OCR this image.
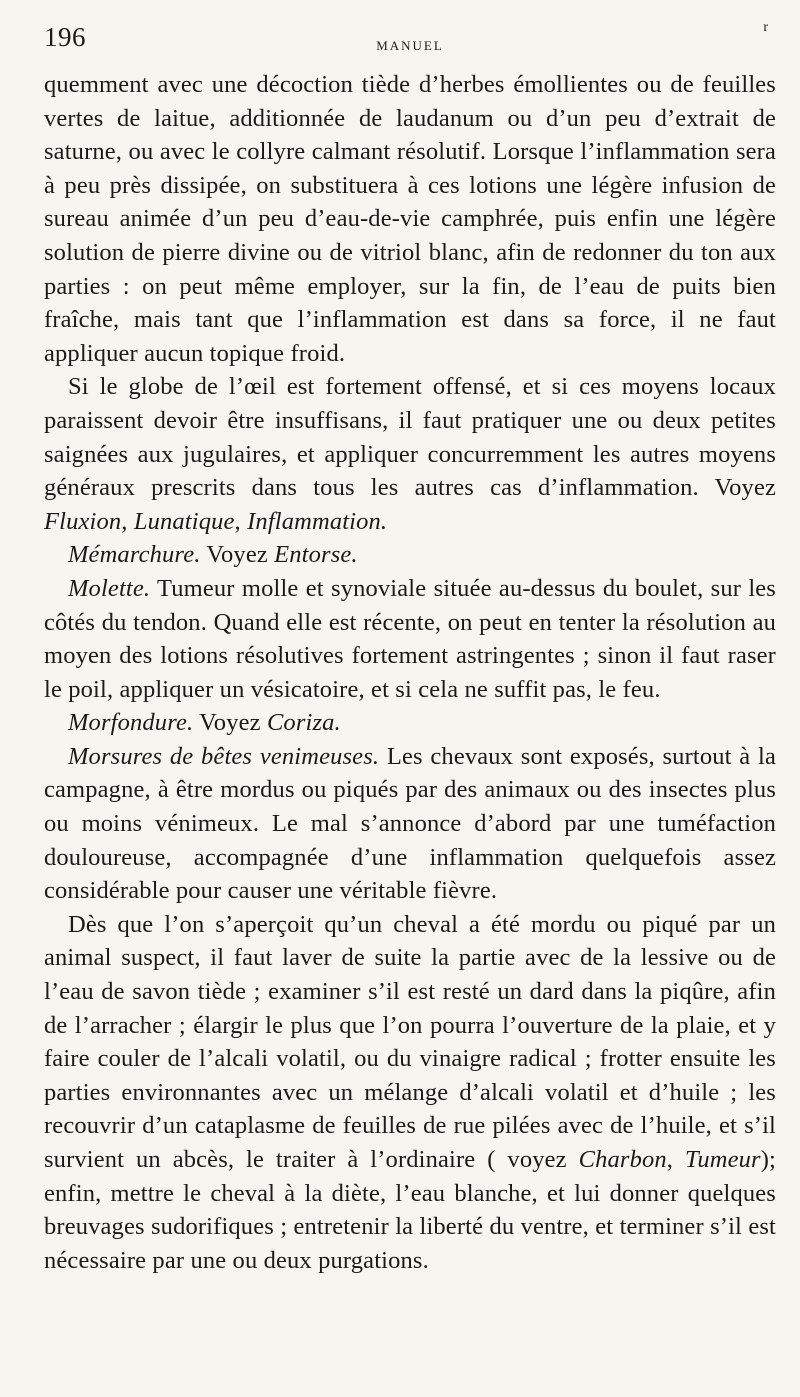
196	MANUEL
r

quemment avec une décoction tiède d’herbes émollientes ou de feuilles vertes de laitue, additionnée de laudanum ou d’un peu d’extrait de saturne, ou avec le collyre calmant résolutif. Lorsque l’inflammation sera à peu près dissipée, on substituera à ces lotions une légère infusion de sureau animée d’un peu d’eau-de-vie camphrée, puis enfin une légère solution de pierre divine ou de vitriol blanc, afin de redonner du ton aux parties : on peut même employer, sur la fin, de l’eau de puits bien fraîche, mais tant que l’inflammation est dans sa force, il ne faut appliquer aucun topique froid.

Si le globe de l’œil est fortement offensé, et si ces moyens locaux paraissent devoir être insuffisans, il faut pratiquer une ou deux petites saignées aux jugulaires, et appliquer concurremment les autres moyens généraux prescrits dans tous les autres cas d’inflammation. Voyez Fluxion, Lunatique, Inflammation.

Mémarchure. Voyez Entorse.

Molette. Tumeur molle et synoviale située au-dessus du boulet, sur les côtés du tendon. Quand elle est récente, on peut en tenter la résolution au moyen des lotions résolutives fortement astringentes ; sinon il faut raser le poil, appliquer un vésicatoire, et si cela ne suffit pas, le feu.

Morfondure. Voyez Coriza.

Morsures de bêtes venimeuses. Les chevaux sont exposés, surtout à la campagne, à être mordus ou piqués par des animaux ou des insectes plus ou moins vénimeux. Le mal s’annonce d’abord par une tuméfaction douloureuse, accompagnée d’une inflammation quelquefois assez considérable pour causer une véritable fièvre.

Dès que l’on s’aperçoit qu’un cheval a été mordu ou piqué par un animal suspect, il faut laver de suite la partie avec de la lessive ou de l’eau de savon tiède ; examiner s’il est resté un dard dans la piqûre, afin de l’arracher ; élargir le plus que l’on pourra l’ouverture de la plaie, et y faire couler de l’alcali volatil, ou du vinaigre radical ; frotter ensuite les parties environnantes avec un mélange d’alcali volatil et d’huile ; les recouvrir d’un cataplasme de feuilles de rue pilées avec de l’huile, et s’il survient un abcès, le traiter à l’ordinaire ( voyez Charbon, Tumeur); enfin, mettre le cheval à la diète, l’eau blanche, et lui donner quelques breuvages sudorifiques ; entretenir la liberté du ventre, et terminer s’il est nécessaire par une ou deux purgations.
